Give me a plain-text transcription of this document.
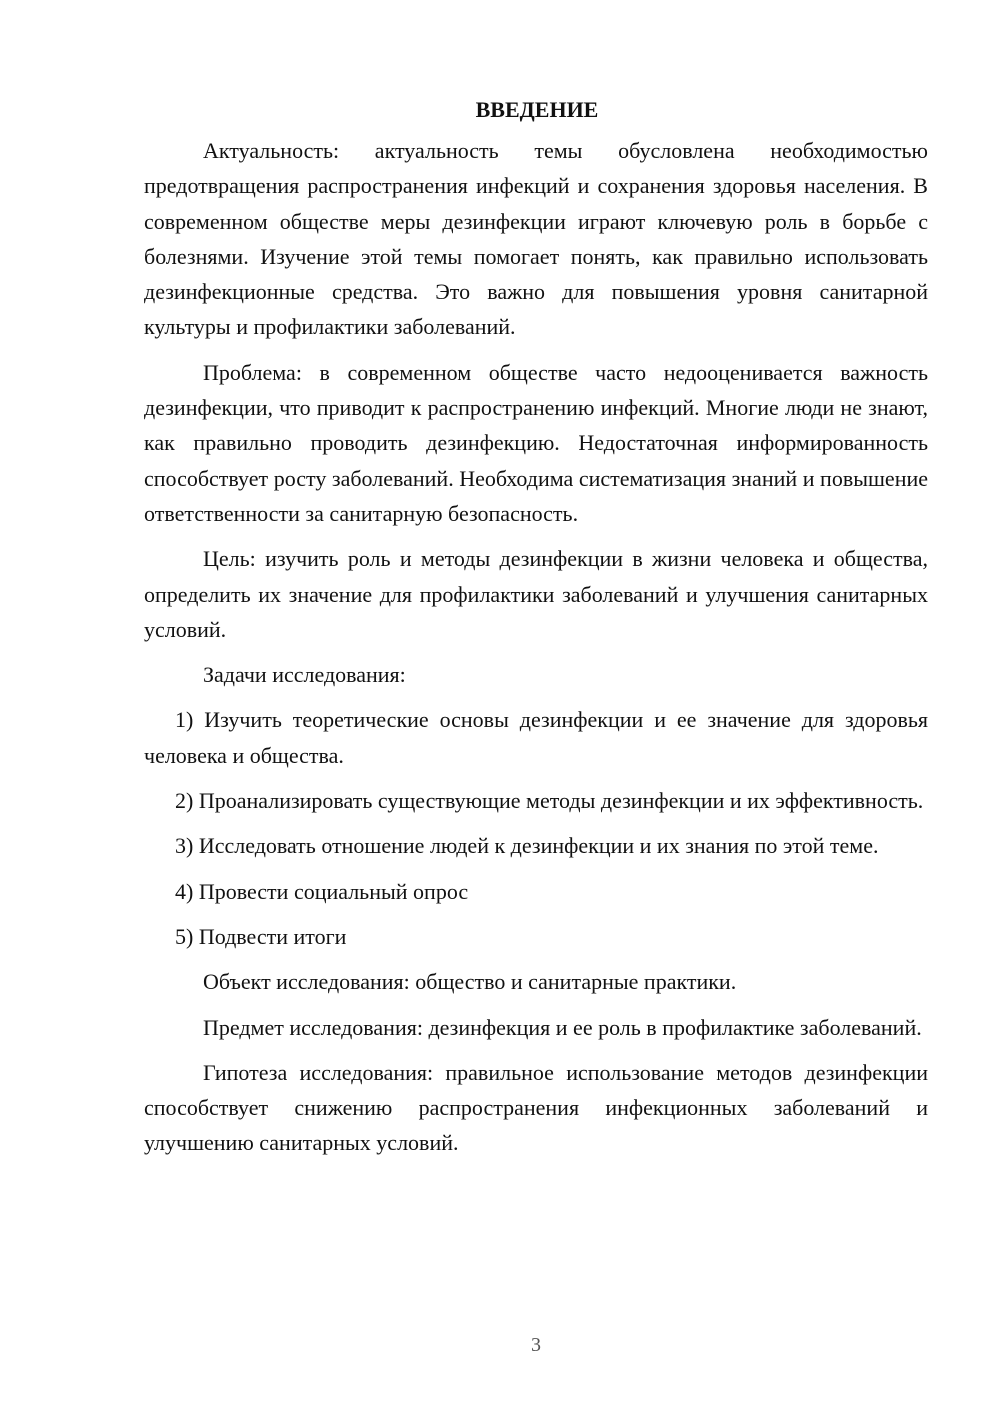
ВВЕДЕНИЕ

Актуальность: актуальность темы обусловлена необходимостью предотвращения распространения инфекций и сохранения здоровья населения. В современном обществе меры дезинфекции играют ключевую роль в борьбе с болезнями. Изучение этой темы помогает понять, как правильно использовать дезинфекционные средства. Это важно для повышения уровня санитарной культуры и профилактики заболеваний.

Проблема: в современном обществе часто недооценивается важность дезинфекции, что приводит к распространению инфекций. Многие люди не знают, как правильно проводить дезинфекцию. Недостаточная информированность способствует росту заболеваний. Необходима систематизация знаний и повышение ответственности за санитарную безопасность.

Цель: изучить роль и методы дезинфекции в жизни человека и общества, определить их значение для профилактики заболеваний и улучшения санитарных условий.

Задачи исследования:

1) Изучить теоретические основы дезинфекции и ее значение для здоровья человека и общества.

2) Проанализировать существующие методы дезинфекции и их эффективность.

3) Исследовать отношение людей к дезинфекции и их знания по этой теме.

4) Провести социальный опрос

5) Подвести итоги

Объект исследования: общество и санитарные практики.

Предмет исследования: дезинфекция и ее роль в профилактике заболеваний.

Гипотеза исследования: правильное использование методов дезинфекции способствует снижению распространения инфекционных заболеваний и улучшению санитарных условий.

3
